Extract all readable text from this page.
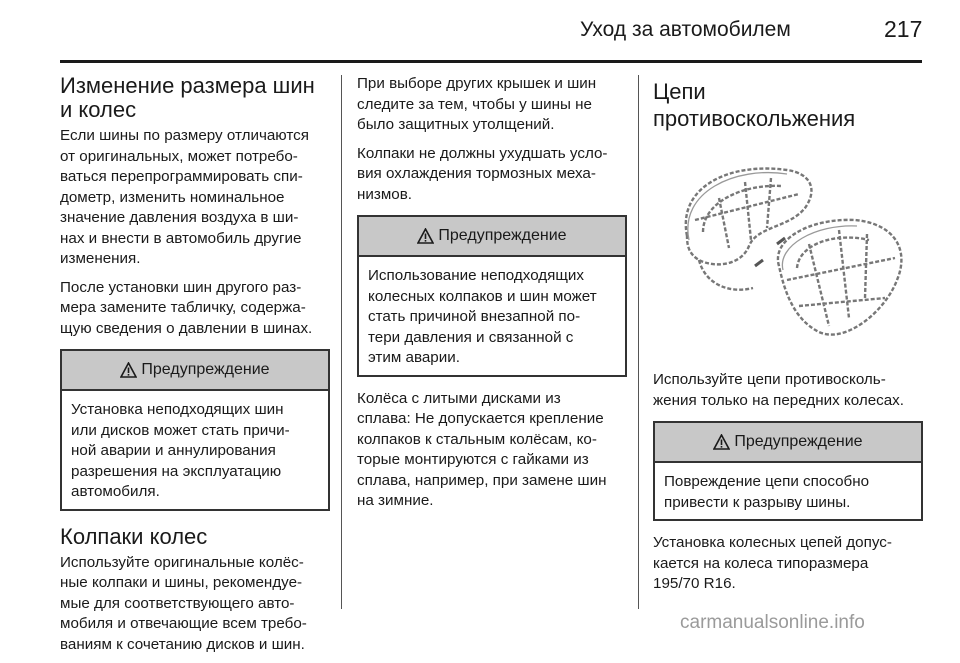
Уход за автомобилем	217
Изменение размера шин
и колес

Если шины по размеру отличаются
от оригинальных, может потребо-
ваться перепрограммировать спи-
дометр, изменить номинальное
значение давления воздуха в ши-
нах и внести в автомобиль другие
изменения.

После установки шин другого раз-
мера замените табличку, содержа-
щую сведения о давлении в шинах.

Предупреждение
Установка неподходящих шин
или дисков может стать причи-
ной аварии и аннулирования
разрешения на эксплуатацию
автомобиля.
Колпаки колес

Используйте оригинальные колёс-
ные колпаки и шины, рекомендуе-
мые для соответствующего авто-
мобиля и отвечающие всем требо-
ваниям к сочетанию дисков и шин.

При выборе других крышек и шин
следите за тем, чтобы у шины не
было защитных утолщений.

Колпаки не должны ухудшать усло-
вия охлаждения тормозных меха-
низмов.

Предупреждение
Использование неподходящих
колесных колпаков и шин может
стать причиной внезапной по-
тери давления и связанной с
этим аварии.

Колёса с литыми дисками из
сплава: Не допускается крепление
колпаков к стальным колёсам, ко-
торые монтируются с гайками из
сплава, например, при замене шин
на зимние.

Цепи
противоскольжения

Используйте цепи противосколь-
жения только на передних колесах.

Предупреждение
Повреждение цепи способно
привести к разрыву шины.

Установка колесных цепей допус-
кается на колеса типоразмера
195/70 R16.

carmanualsonline.info
